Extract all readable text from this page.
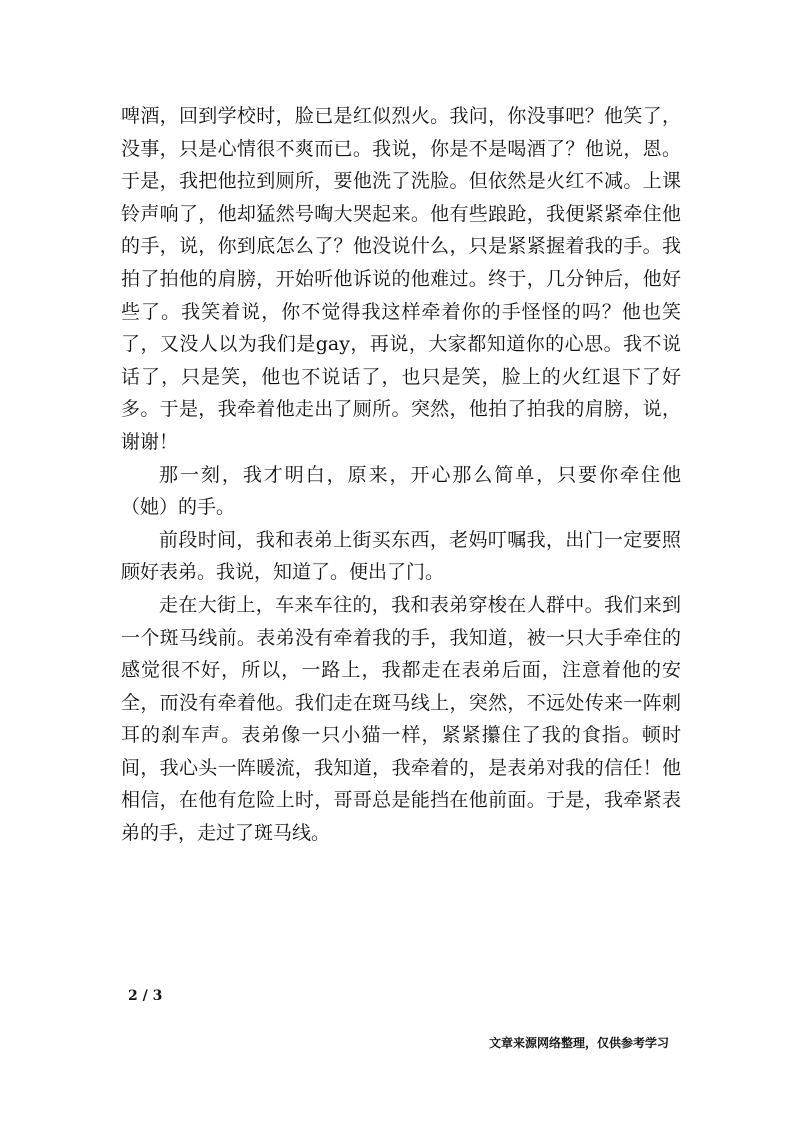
啤酒，回到学校时，脸已是红似烈火。我问，你没事吧？他笑了，没事，只是心情很不爽而已。我说，你是不是喝酒了？他说，恩。于是，我把他拉到厕所，要他洗了洗脸。但依然是火红不减。上课铃声响了，他却猛然号啕大哭起来。他有些踉跄，我便紧紧牵住他的手，说，你到底怎么了？他没说什么，只是紧紧握着我的手。我拍了拍他的肩膀，开始听他诉说的他难过。终于，几分钟后，他好些了。我笑着说，你不觉得我这样牵着你的手怪怪的吗？他也笑了，又没人以为我们是gay，再说，大家都知道你的心思。我不说话了，只是笑，他也不说话了，也只是笑，脸上的火红退下了好多。于是，我牵着他走出了厕所。突然，他拍了拍我的肩膀，说，谢谢！

那一刻，我才明白，原来，开心那么简单，只要你牵住他（她）的手。

前段时间，我和表弟上街买东西，老妈叮嘱我，出门一定要照顾好表弟。我说，知道了。便出了门。

走在大街上，车来车往的，我和表弟穿梭在人群中。我们来到一个斑马线前。表弟没有牵着我的手，我知道，被一只大手牵住的感觉很不好，所以，一路上，我都走在表弟后面，注意着他的安全，而没有牵着他。我们走在斑马线上，突然，不远处传来一阵刺耳的刹车声。表弟像一只小猫一样，紧紧攥住了我的食指。顿时间，我心头一阵暖流，我知道，我牵着的，是表弟对我的信任！他相信，在他有危险上时，哥哥总是能挡在他前面。于是，我牵紧表弟的手，走过了斑马线。

2 / 3
文章来源网络整理，仅供参考学习
